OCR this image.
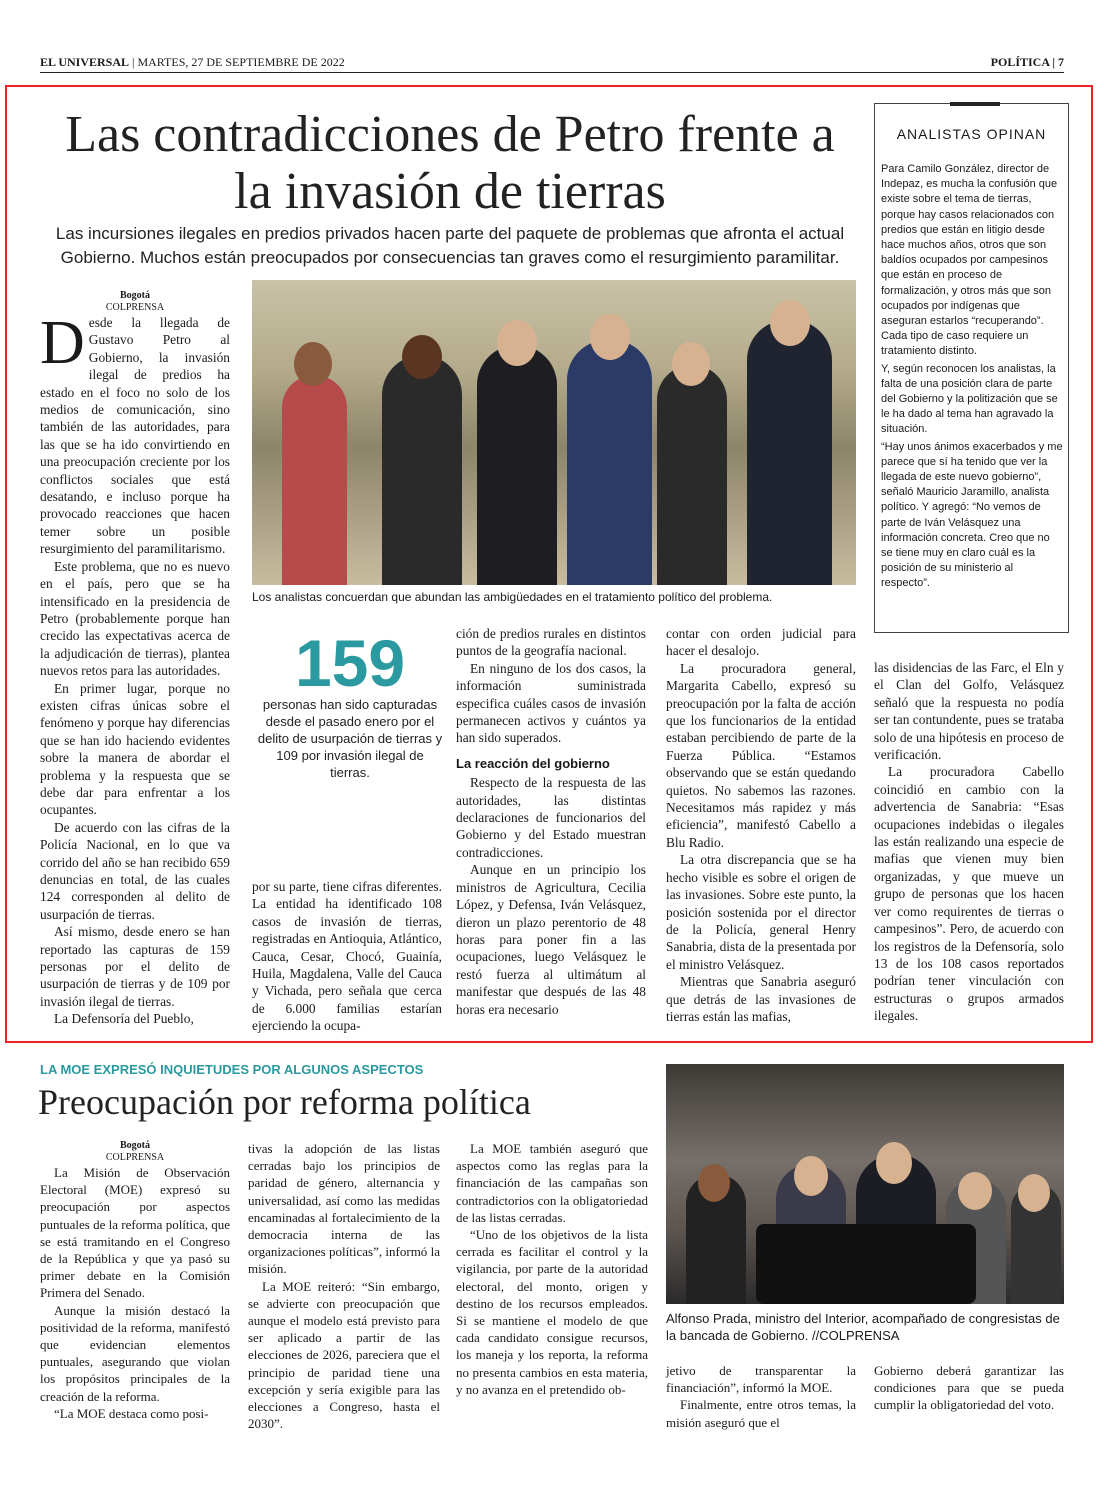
EL UNIVERSAL | MARTES, 27 DE SEPTIEMBRE DE 2022	POLÍTICA | 7
Las contradicciones de Petro frente a la invasión de tierras
Las incursiones ilegales en predios privados hacen parte del paquete de problemas que afronta el actual Gobierno. Muchos están preocupados por consecuencias tan graves como el resurgimiento paramilitar.
Bogotá
COLPRENSA

Desde la llegada de Gustavo Petro al Gobierno, la invasión ilegal de predios ha estado en el foco no solo de los medios de comunicación, sino también de las autoridades, para las que se ha ido convirtiendo en una preocupación creciente por los conflictos sociales que está desatando, e incluso porque ha provocado reacciones que hacen temer sobre un posible resurgimiento del paramilitarismo.

Este problema, que no es nuevo en el país, pero que se ha intensificado en la presidencia de Petro (probablemente porque han crecido las expectativas acerca de la adjudicación de tierras), plantea nuevos retos para las autoridades.

En primer lugar, porque no existen cifras únicas sobre el fenómeno y porque hay diferencias que se han ido haciendo evidentes sobre la manera de abordar el problema y la respuesta que se debe dar para enfrentar a los ocupantes.

De acuerdo con las cifras de la Policía Nacional, en lo que va corrido del año se han recibido 659 denuncias en total, de las cuales 124 corresponden al delito de usurpación de tierras.

Así mismo, desde enero se han reportado las capturas de 159 personas por el delito de usurpación de tierras y de 109 por invasión ilegal de tierras.

La Defensoría del Pueblo,

Los analistas concuerdan que abundan las ambigüedades en el tratamiento político del problema.
159
personas han sido capturadas desde el pasado enero por el delito de usurpación de tierras y 109 por invasión ilegal de tierras.

por su parte, tiene cifras diferentes. La entidad ha identificado 108 casos de invasión de tierras, registradas en Antioquia, Atlántico, Cauca, Cesar, Chocó, Guainía, Huila, Magdalena, Valle del Cauca y Vichada, pero señala que cerca de 6.000 familias estarían ejerciendo la ocupa-

ción de predios rurales en distintos puntos de la geografía nacional.

En ninguno de los dos casos, la información suministrada especifica cuáles casos de invasión permanecen activos y cuántos ya han sido superados.

La reacción del gobierno

Respecto de la respuesta de las autoridades, las distintas declaraciones de funcionarios del Gobierno y del Estado muestran contradicciones.

Aunque en un principio los ministros de Agricultura, Cecilia López, y Defensa, Iván Velásquez, dieron un plazo perentorio de 48 horas para poner fin a las ocupaciones, luego Velásquez le restó fuerza al ultimátum al manifestar que después de las 48 horas era necesario

contar con orden judicial para hacer el desalojo.

La procuradora general, Margarita Cabello, expresó su preocupación por la falta de acción que los funcionarios de la entidad estaban percibiendo de parte de la Fuerza Pública. “Estamos observando que se están quedando quietos. No sabemos las razones. Necesitamos más rapidez y más eficiencia”, manifestó Cabello a Blu Radio.

La otra discrepancia que se ha hecho visible es sobre el origen de las invasiones. Sobre este punto, la posición sostenida por el director de la Policía, general Henry Sanabria, dista de la presentada por el ministro Velásquez.

Mientras que Sanabria aseguró que detrás de las invasiones de tierras están las mafias,

las disidencias de las Farc, el Eln y el Clan del Golfo, Velásquez señaló que la respuesta no podía ser tan contundente, pues se trataba solo de una hipótesis en proceso de verificación.

La procuradora Cabello coincidió en cambio con la advertencia de Sanabria: “Esas ocupaciones indebidas o ilegales las están realizando una especie de mafias que vienen muy bien organizadas, y que mueve un grupo de personas que los hacen ver como requirentes de tierras o campesinos”. Pero, de acuerdo con los registros de la Defensoría, solo 13 de los 108 casos reportados podrían tener vinculación con estructuras o grupos armados ilegales.

ANALISTAS OPINAN

Para Camilo González, director de Indepaz, es mucha la confusión que existe sobre el tema de tierras, porque hay casos relacionados con predios que están en litigio desde hace muchos años, otros que son baldíos ocupados por campesinos que están en proceso de formalización, y otros más que son ocupados por indígenas que aseguran estarlos “recuperando”. Cada tipo de caso requiere un tratamiento distinto.

Y, según reconocen los analistas, la falta de una posición clara de parte del Gobierno y la politización que se le ha dado al tema han agravado la situación.

“Hay unos ánimos exacerbados y me parece que sí ha tenido que ver la llegada de este nuevo gobierno”, señaló Mauricio Jaramillo, analista político. Y agregó: “No vemos de parte de Iván Velásquez una información concreta. Creo que no se tiene muy en claro cuál es la posición de su ministerio al respecto”.

LA MOE EXPRESÓ INQUIETUDES POR ALGUNOS ASPECTOS
Preocupación por reforma política
Bogotá
COLPRENSA

La Misión de Observación Electoral (MOE) expresó su preocupación por aspectos puntuales de la reforma política, que se está tramitando en el Congreso de la República y que ya pasó su primer debate en la Comisión Primera del Senado.

Aunque la misión destacó la positividad de la reforma, manifestó que evidencian elementos puntuales, asegurando que violan los propósitos principales de la creación de la reforma.

“La MOE destaca como posi-

tivas la adopción de las listas cerradas bajo los principios de paridad de género, alternancia y universalidad, así como las medidas encaminadas al fortalecimiento de la democracia interna de las organizaciones políticas”, informó la misión.

La MOE reiteró: “Sin embargo, se advierte con preocupación que aunque el modelo está previsto para ser aplicado a partir de las elecciones de 2026, pareciera que el principio de paridad tiene una excepción y sería exigible para las elecciones a Congreso, hasta el 2030”.

La MOE también aseguró que aspectos como las reglas para la financiación de las campañas son contradictorios con la obligatoriedad de las listas cerradas.

“Uno de los objetivos de la lista cerrada es facilitar el control y la vigilancia, por parte de la autoridad electoral, del monto, origen y destino de los recursos empleados. Si se mantiene el modelo de que cada candidato consigue recursos, los maneja y los reporta, la reforma no presenta cambios en esta materia, y no avanza en el pretendido ob-

Alfonso Prada, ministro del Interior, acompañado de congresistas de la bancada de Gobierno. //COLPRENSA

jetivo de transparentar la financiación”, informó la MOE.

Finalmente, entre otros temas, la misión aseguró que el

Gobierno deberá garantizar las condiciones para que se pueda cumplir la obligatoriedad del voto.
